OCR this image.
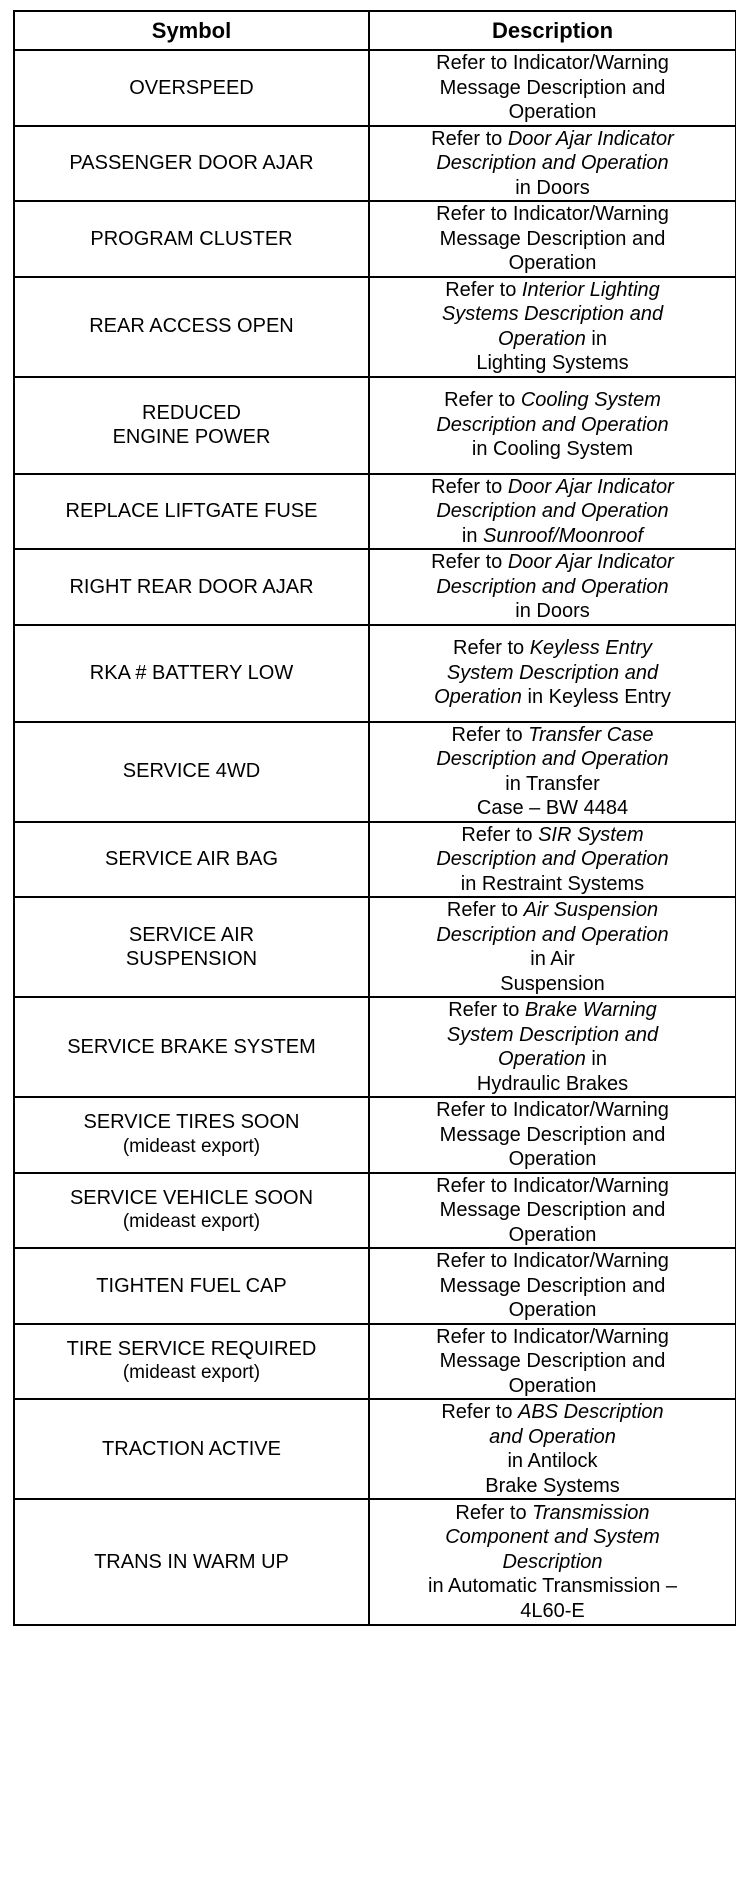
Symbol	Description

OVERSPEED	Refer to Indicator/Warning
Message Description and
Operation

PASSENGER DOOR AJAR	Refer to Door Ajar Indicator
Description and Operation
in Doors

PROGRAM CLUSTER	Refer to Indicator/Warning
Message Description and
Operation

REAR ACCESS OPEN	Refer to Interior Lighting
Systems Description and
Operation in
Lighting Systems

REDUCED
ENGINE POWER	Refer to Cooling System
Description and Operation
in Cooling System

REPLACE LIFTGATE FUSE	Refer to Door Ajar Indicator
Description and Operation
in Sunroof/Moonroof

RIGHT REAR DOOR AJAR	Refer to Door Ajar Indicator
Description and Operation
in Doors

RKA # BATTERY LOW	Refer to Keyless Entry
System Description and
Operation in Keyless Entry

SERVICE 4WD	Refer to Transfer Case
Description and Operation
in Transfer
Case – BW 4484

SERVICE AIR BAG	Refer to SIR System
Description and Operation
in Restraint Systems

SERVICE AIR
SUSPENSION	Refer to Air Suspension
Description and Operation
in Air
Suspension

SERVICE BRAKE SYSTEM	Refer to Brake Warning
System Description and
Operation in
Hydraulic Brakes

SERVICE TIRES SOON
(mideast export)	Refer to Indicator/Warning
Message Description and
Operation

SERVICE VEHICLE SOON
(mideast export)	Refer to Indicator/Warning
Message Description and
Operation

TIGHTEN FUEL CAP	Refer to Indicator/Warning
Message Description and
Operation

TIRE SERVICE REQUIRED
(mideast export)	Refer to Indicator/Warning
Message Description and
Operation

TRACTION ACTIVE	Refer to ABS Description
and Operation
in Antilock
Brake Systems

TRANS IN WARM UP	Refer to Transmission
Component and System
Description
in Automatic Transmission –
4L60-E
